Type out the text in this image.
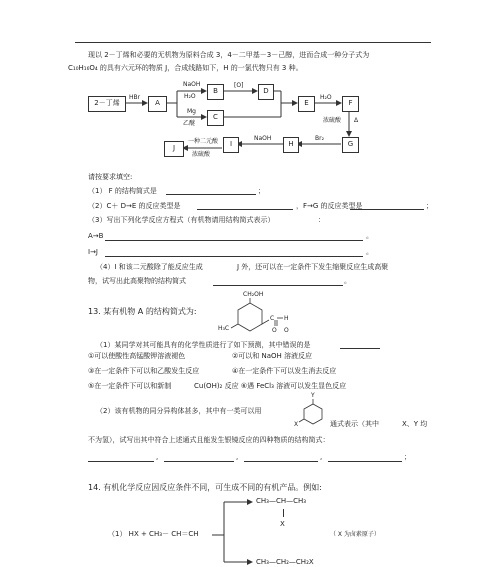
现以 2－丁烯和必要的无机物为原料合成 3，4－二甲基－3－己醇，进而合成一种分子式为
C₁₀H₁₆O₄ 的具有六元环的物质 J，合成线路如下，H 的一氯代物只有 3 种。
2－丁烯
HBr
A
NaOH
H₂O
B
[O]
D
Mg
乙醚
C
E
H₂O
F
浓硫酸 Δ
G
Br₂
H
NaOH
I
一种二元酸
浓硫酸
J
请按要求填空:
（1） F 的结构简式是	；
（2）C＋ D→E 的反应类型是	，F→G 的反应类型是	；
（3）写出下列化学反应方程式（有机物请用结构简式表示）	：
A→B	。
I→J	。
（4）I 和该二元酸除了能反应生成	J 外，还可以在一定条件下发生缩聚反应生成高聚
物，试写出此高聚物的结构简式	。
13. 某有机物 A 的结构简式为:
CH₂OH
H₃C
C
O
H
O
（1）某同学对其可能具有的化学性质进行了如下预测，其中错误的是
①可以使酸性高锰酸钾溶液褪色	②可以和 NaOH 溶液反应
③在一定条件下可以和乙酸发生反应	④在一定条件下可以发生消去反应
⑤在一定条件下可以和新制	Cu(OH)₂ 反应 ⑥遇 FeCl₃ 溶液可以发生显色反应
（2）该有机物的同分异构体甚多，其中有一类可以用
Y
X	通式表示（其中	X、Y 均
不为氢），试写出其中符合上述通式且能发生银镜反应的四种物质的结构简式：
,	,	,	；
14. 有机化学反应因反应条件不同，可生成不同的有机产品。例如:
CH₃—CH—CH₃
X
（1） HX + CH₃－ CH＝CH	（ X 为卤素原子）
CH₃—CH₂—CH₂X
